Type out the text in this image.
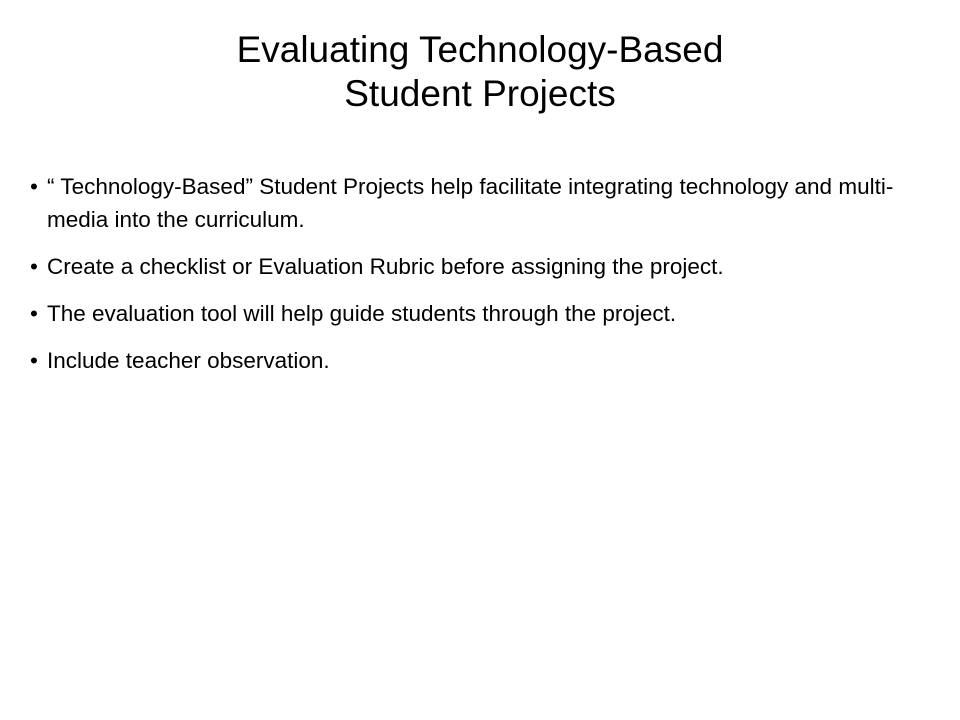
Evaluating Technology-Based
Student Projects
• “ Technology-Based” Student Projects help facilitate integrating technology and multi-media into the curriculum.
• Create a checklist or Evaluation Rubric before assigning the project.
• The evaluation tool will help guide students through the project.
• Include teacher observation.
